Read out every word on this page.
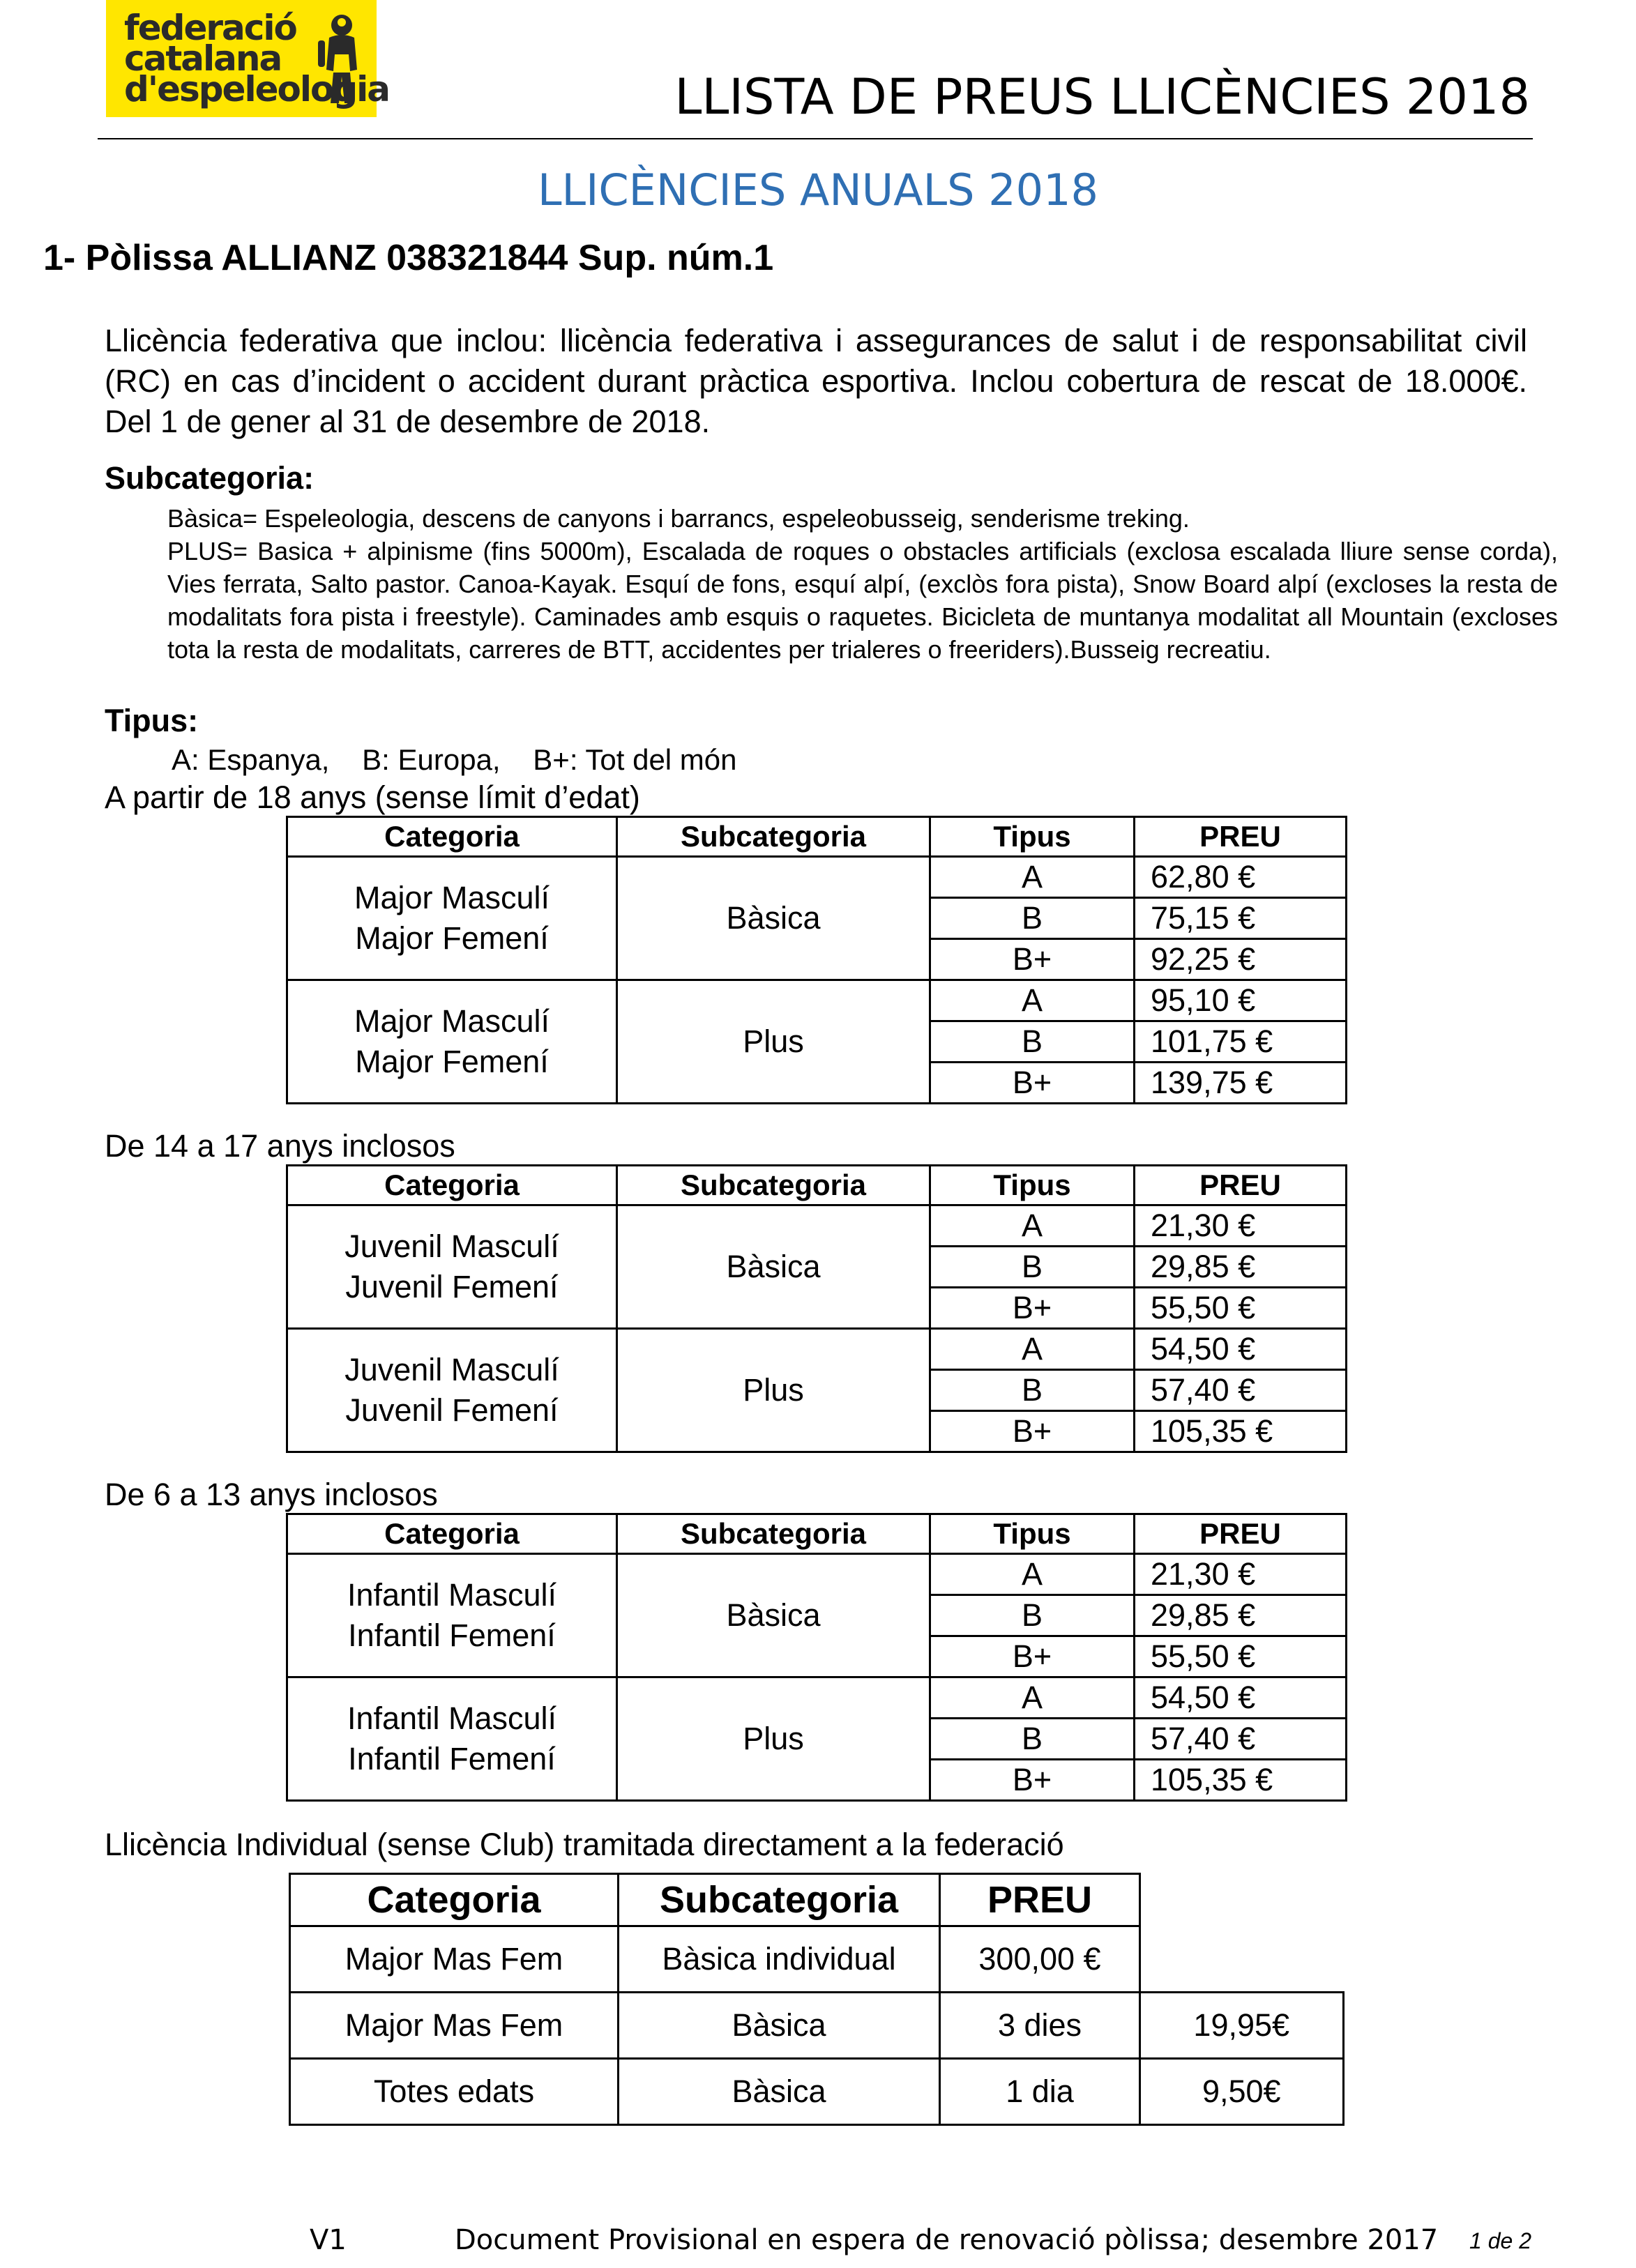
federació
catalana
d'espeleologia	LLISTA DE PREUS LLICÈNCIES 2018
LLICÈNCIES ANUALS 2018
1- Pòlissa ALLIANZ 038321844 Sup. núm.1
Llicència federativa que inclou: llicència federativa i assegurances de salut i de responsabilitat civil (RC) en cas d’incident o accident durant pràctica esportiva. Inclou cobertura de rescat de 18.000€. Del 1 de gener al 31 de desembre de 2018.
Subcategoria:

Bàsica= Espeleologia, descens de canyons i barrancs, espeleobusseig, senderisme treking.

PLUS= Basica + alpinisme (fins 5000m), Escalada de roques o obstacles artificials (exclosa escalada lliure sense corda), Vies ferrata, Salto pastor. Canoa-Kayak. Esquí de fons, esquí alpí, (exclòs fora pista), Snow Board alpí (excloses la resta de modalitats fora pista i freestyle). Caminades amb esquis o raquetes. Bicicleta de muntanya modalitat all Mountain (excloses tota la resta de modalitats, carreres de BTT, accidentes per trialeres o freeriders).Busseig recreatiu.

Tipus:
A: Espanya,    B: Europa,    B+: Tot del món
A partir de 18 anys (sense límit d’edat)
Categoria	Subcategoria	Tipus	PREU

Major Masculí
Major Femení	Bàsica	A	62,80 €
		B	75,15 €
		B+	92,25 €

Major Masculí
Major Femení	Plus	A	95,10 €
		B	101,75 €
		B+	139,75 €
De 14 a 17 anys inclosos
Categoria	Subcategoria	Tipus	PREU

Juvenil Masculí
Juvenil Femení	Bàsica	A	21,30 €
		B	29,85 €
		B+	55,50 €

Juvenil Masculí
Juvenil Femení	Plus	A	54,50 €
		B	57,40 €
		B+	105,35 €
De 6 a 13 anys inclosos
Categoria	Subcategoria	Tipus	PREU

Infantil Masculí
Infantil Femení	Bàsica	A	21,30 €
		B	29,85 €
		B+	55,50 €

Infantil Masculí
Infantil Femení	Plus	A	54,50 €
		B	57,40 €
		B+	105,35 €
Llicència Individual (sense Club) tramitada directament a la federació
Categoria	Subcategoria	PREU	
Major Mas Fem	Bàsica individual	300,00 €	
Major Mas Fem	Bàsica	3 dies	19,95€
Totes edats	Bàsica	1 dia	9,50€
V1	Document Provisional en espera de renovació pòlissa; desembre 2017 1 de 2
